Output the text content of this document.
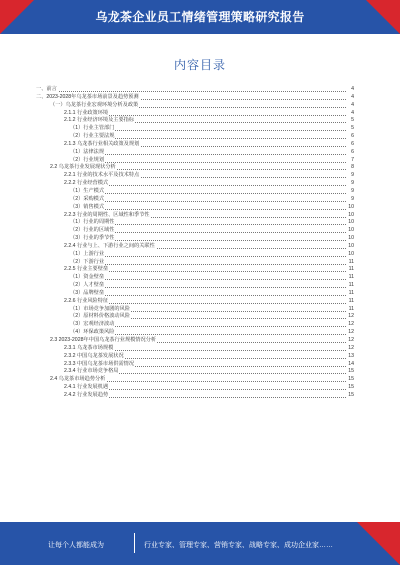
乌龙茶企业员工情绪管理策略研究报告
内容目录
一、前言	4
二、2023-2028年乌龙茶市场前景及趋势预测	4
（一）乌龙茶行业宏观环境分析及政策	4
2.1.1 行业政策环境	4
2.1.2 行业经济环境及主要指标	5
（1）行业主管部门	5
（2）行业主要法规	6
2.1.3 乌龙茶行业相关政策及规划	6
（1）法律法规	6
（2）行业规划	7
2.2 乌龙茶行业发展现状分析	8
2.2.1 行业的技术水平及技术特点	9
2.2.2 行业经营模式	9
（1）生产模式	9
（2）采购模式	9
（3）销售模式	10
2.2.3 行业的周期性、区域性和季节性	10
（1）行业的周期性	10
（2）行业的区域性	10
（3）行业的季节性	10
2.2.4 行业与上、下游行业之间的关联性	10
（1）上游行业	10
（2）下游行业	11
2.2.5 行业主要壁垒	11
（1）资金壁垒	11
（2）人才壁垒	11
（3）品牌壁垒	11
2.2.6 行业风险特征	11
（1）市场竞争加剧的风险	11
（2）原材料价格波动风险	12
（3）宏观经济波动	12
（4）环保政策风险	12
2.3 2023-2028年中国乌龙茶行业规模情况分析	12
2.3.1 乌龙茶市场规模	12
2.3.2 中国乌龙茶发展状况	13
2.3.3 中国乌龙茶市场供需情况	14
2.3.4 行业市场竞争格局	15
2.4 乌龙茶市场趋势分析	15
2.4.1 行业发展机遇	15
2.4.2 行业发展趋势	15
让每个人都能成为	行业专家、管理专家、营销专家、战略专家、成功企业家……
